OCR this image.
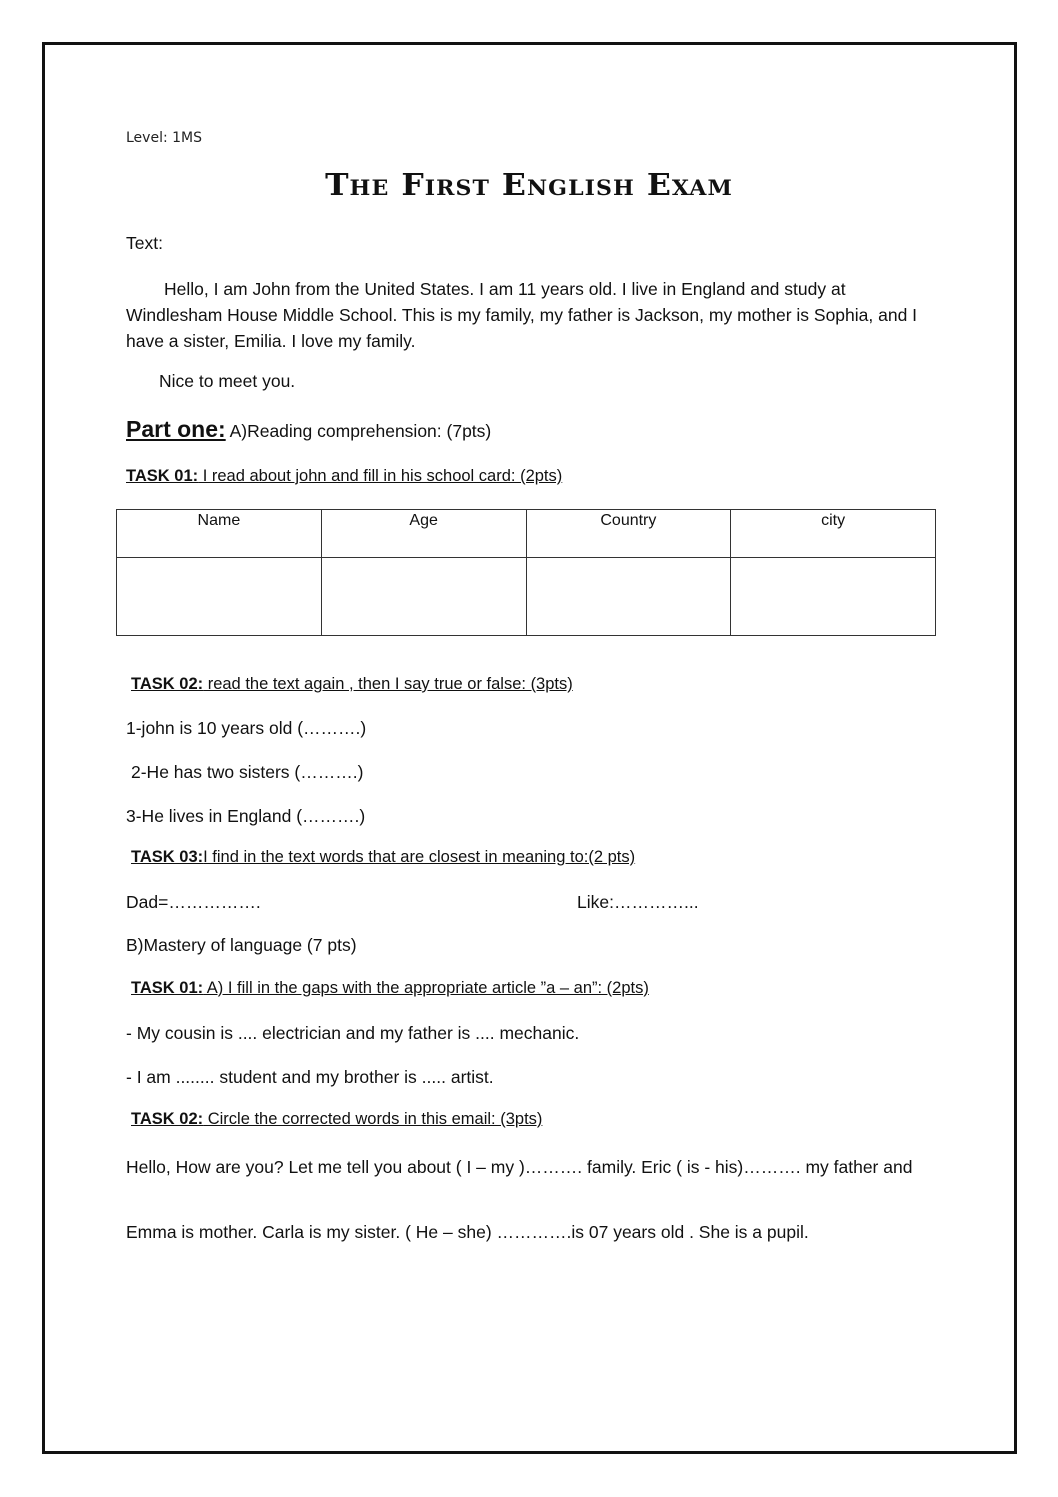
Level: 1MS
The First English Exam
Text:
Hello, I am John from the United States. I am 11 years old. I live in England and study at Windlesham House Middle School. This is my family, my father is Jackson, my mother is Sophia, and I have a sister, Emilia. I love my family.
Nice to meet you.
Part one: A)Reading comprehension: (7pts)
TASK 01: I read about john and fill in his school card: (2pts)
Name	Age	Country	city

TASK 02: read the text again , then I say true or false: (3pts)
1-john is 10 years old (……….)
2-He has two sisters (……….)
3-He lives in England (……….)
TASK 03:I find in the text words that are closest in meaning to:(2 pts)
Dad=…………….	Like:…………...
B)Mastery of language (7 pts)
TASK 01: A) I fill in the gaps with the appropriate article ”a – an”: (2pts)
- My cousin is .... electrician and my father is .... mechanic.
- I am ........ student and my brother is ..... artist.
TASK 02: Circle the corrected words in this email: (3pts)
Hello, How are you? Let me tell you about ( I – my )………. family. Eric ( is - his)………. my father and
Emma is mother. Carla is my sister. ( He – she) ………….is 07 years old . She is a pupil.
